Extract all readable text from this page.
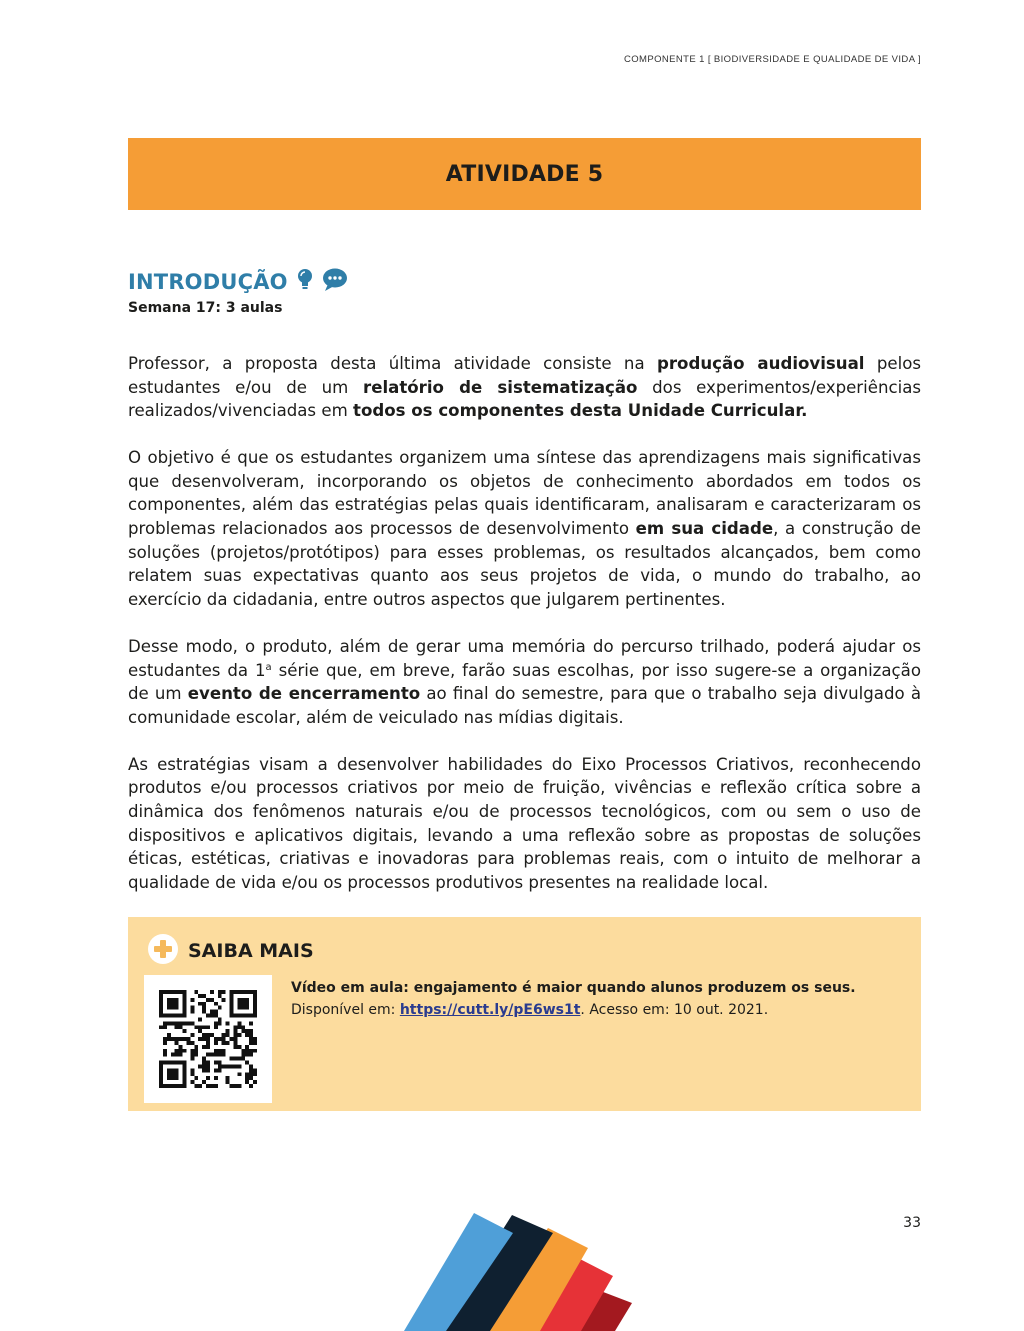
COMPONENTE 1 [ BIODIVERSIDADE E QUALIDADE DE VIDA ]
ATIVIDADE 5
INTRODUÇÃO
Semana 17: 3 aulas

Professor, a proposta desta última atividade consiste na produção audiovisual pelos estudantes e/ou de um relatório de sistematização dos experimentos/experiências realizados/vivenciadas em todos os componentes desta Unidade Curricular.

O objetivo é que os estudantes organizem uma síntese das aprendizagens mais significativas que desenvolveram, incorporando os objetos de conhecimento abordados em todos os componentes, além das estratégias pelas quais identificaram, analisaram e caracterizaram os problemas relacionados aos processos de desenvolvimento em sua cidade, a construção de soluções (projetos/protótipos) para esses problemas, os resultados alcançados, bem como relatem suas expectativas quanto aos seus projetos de vida, o mundo do trabalho, ao exercício da cidadania, entre outros aspectos que julgarem pertinentes.

Desse modo, o produto, além de gerar uma memória do percurso trilhado, poderá ajudar os estudantes da 1$^a$ série que, em breve, farão suas escolhas, por isso sugere-se a organização de um evento de encerramento ao final do semestre, para que o trabalho seja divulgado à comunidade escolar, além de veiculado nas mídias digitais.

As estratégias visam a desenvolver habilidades do Eixo Processos Criativos, reconhecendo produtos e/ou processos criativos por meio de fruição, vivências e reflexão crítica sobre a dinâmica dos fenômenos naturais e/ou de processos tecnológicos, com ou sem o uso de dispositivos e aplicativos digitais, levando a uma reflexão sobre as propostas de soluções éticas, estéticas, criativas e inovadoras para problemas reais, com o intuito de melhorar a qualidade de vida e/ou os processos produtivos presentes na realidade local.

SAIBA MAIS
Vídeo em aula: engajamento é maior quando alunos produzem os seus.
Disponível em: https://cutt.ly/pE6ws1t. Acesso em: 10 out. 2021.
33
